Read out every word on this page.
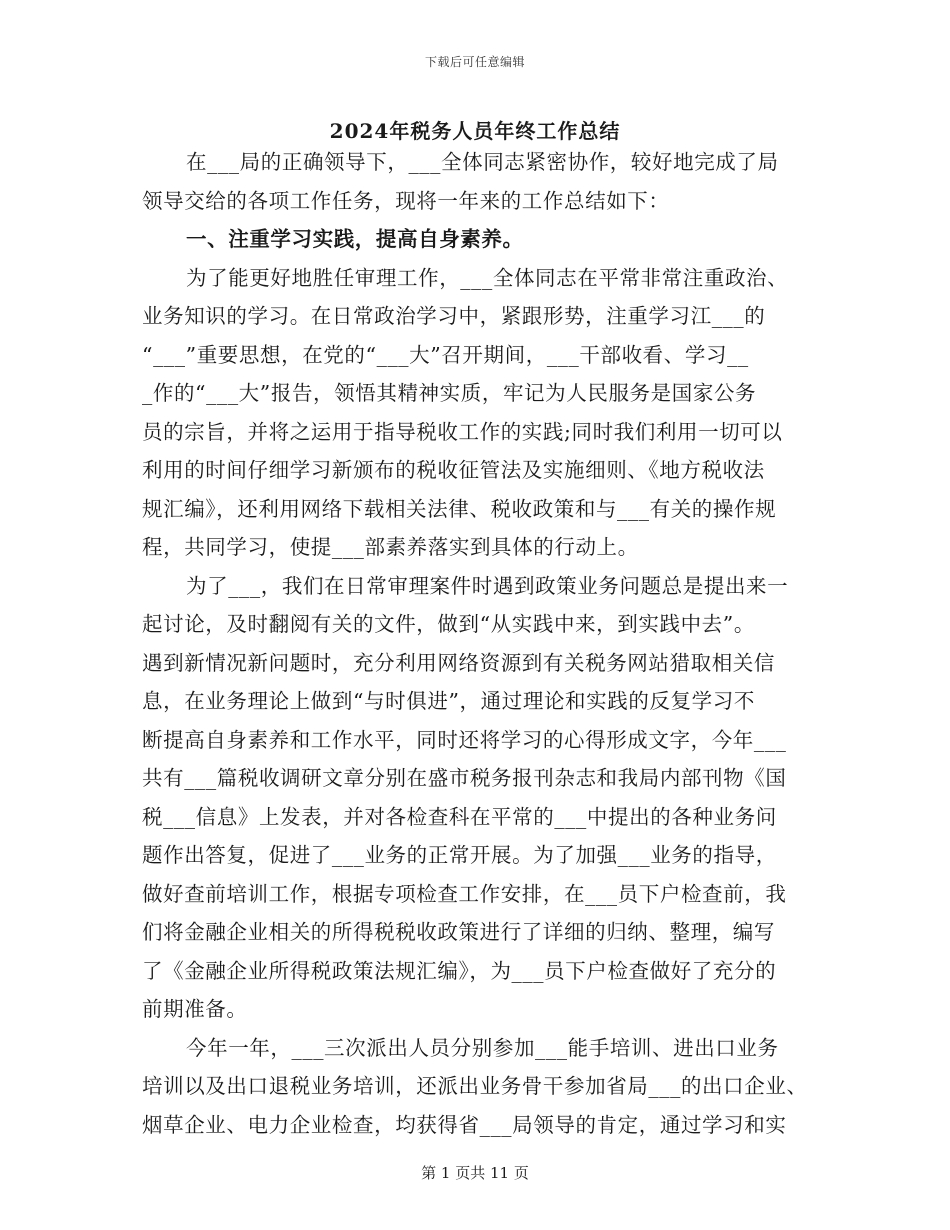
下载后可任意编辑
2024年税务人员年终工作总结
在___局的正确领导下，___全体同志紧密协作，较好地完成了局
领导交给的各项工作任务，现将一年来的工作总结如下：
一、注重学习实践，提高自身素养。
为了能更好地胜任审理工作，___全体同志在平常非常注重政治、
业务知识的学习。在日常政治学习中，紧跟形势，注重学习江___的
“___”重要思想，在党的“___大”召开期间，___干部收看、学习__
_作的“___大”报告，领悟其精神实质，牢记为人民服务是国家公务
员的宗旨，并将之运用于指导税收工作的实践;同时我们利用一切可以
利用的时间仔细学习新颁布的税收征管法及实施细则、《地方税收法
规汇编》，还利用网络下载相关法律、税收政策和与___有关的操作规
程，共同学习，使提___部素养落实到具体的行动上。
为了___，我们在日常审理案件时遇到政策业务问题总是提出来一
起讨论，及时翻阅有关的文件，做到“从实践中来，到实践中去”。
遇到新情况新问题时，充分利用网络资源到有关税务网站猎取相关信
息，在业务理论上做到“与时俱进”，通过理论和实践的反复学习不
断提高自身素养和工作水平，同时还将学习的心得形成文字，今年___
共有___篇税收调研文章分别在盛市税务报刊杂志和我局内部刊物《国
税___信息》上发表，并对各检查科在平常的___中提出的各种业务问
题作出答复，促进了___业务的正常开展。为了加强___业务的指导，
做好查前培训工作，根据专项检查工作安排，在___员下户检查前，我
们将金融企业相关的所得税税收政策进行了详细的归纳、整理，编写
了《金融企业所得税政策法规汇编》，为___员下户检查做好了充分的
前期准备。
今年一年，___三次派出人员分别参加___能手培训、进出口业务
培训以及出口退税业务培训，还派出业务骨干参加省局___的出口企业、
烟草企业、电力企业检查，均获得省___局领导的肯定，通过学习和实
第 1 页共 11 页
